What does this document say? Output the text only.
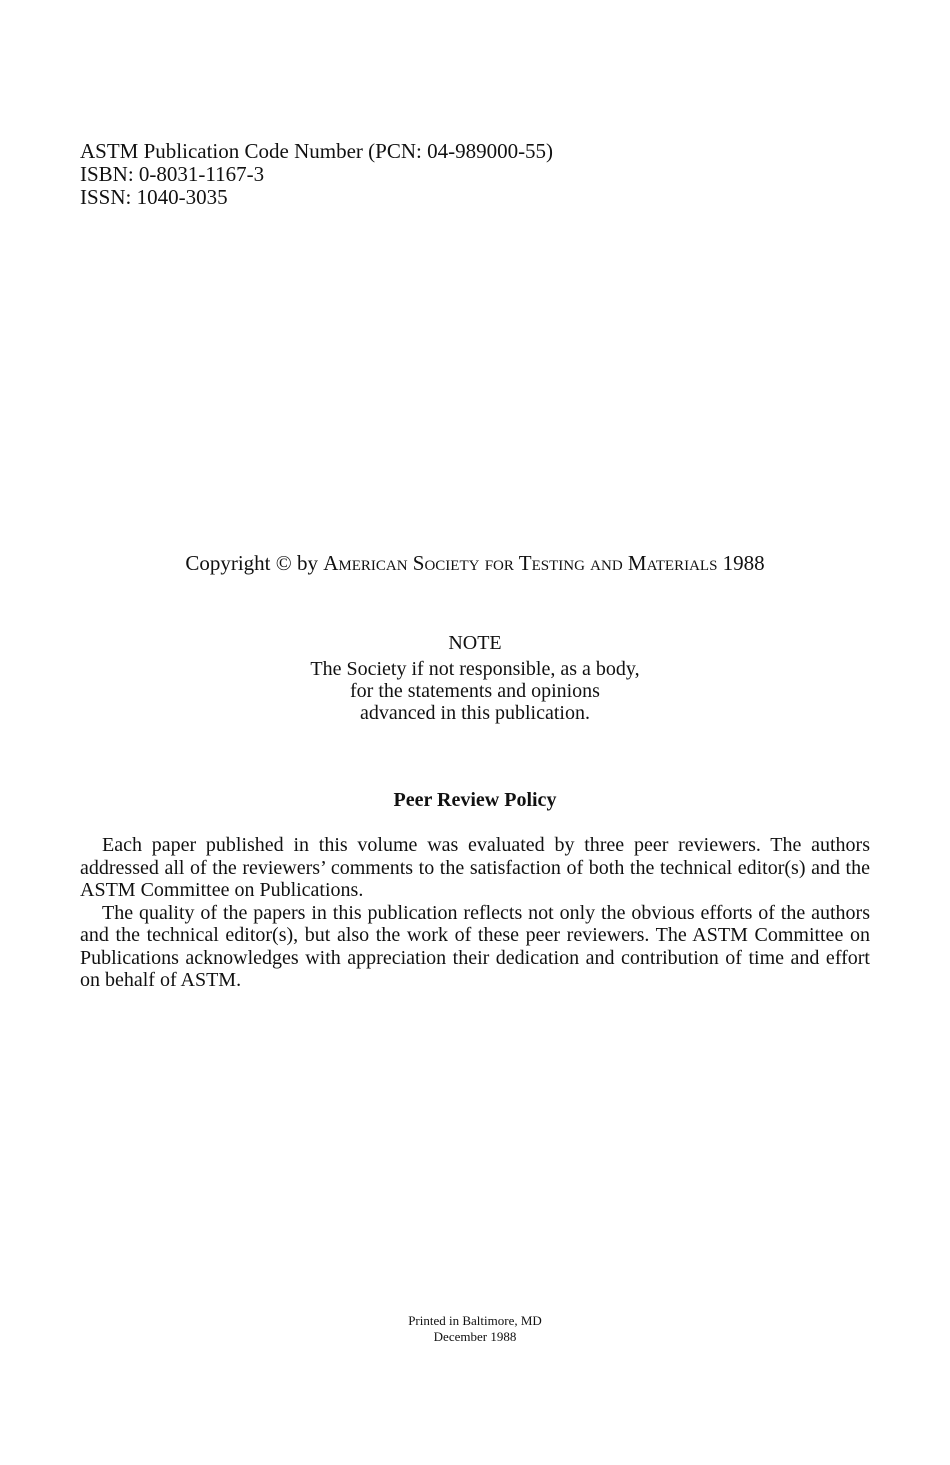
ASTM Publication Code Number (PCN: 04-989000-55)
ISBN: 0-8031-1167-3
ISSN: 1040-3035
Copyright © by American Society for Testing and Materials 1988
NOTE
The Society if not responsible, as a body,
for the statements and opinions
advanced in this publication.
Peer Review Policy

Each paper published in this volume was evaluated by three peer reviewers. The authors addressed all of the reviewers’ comments to the satisfaction of both the technical editor(s) and the ASTM Committee on Publications.

The quality of the papers in this publication reflects not only the obvious efforts of the authors and the technical editor(s), but also the work of these peer reviewers. The ASTM Committee on Publications acknowledges with appreciation their dedication and contribution of time and effort on behalf of ASTM.

Printed in Baltimore, MD
December 1988
